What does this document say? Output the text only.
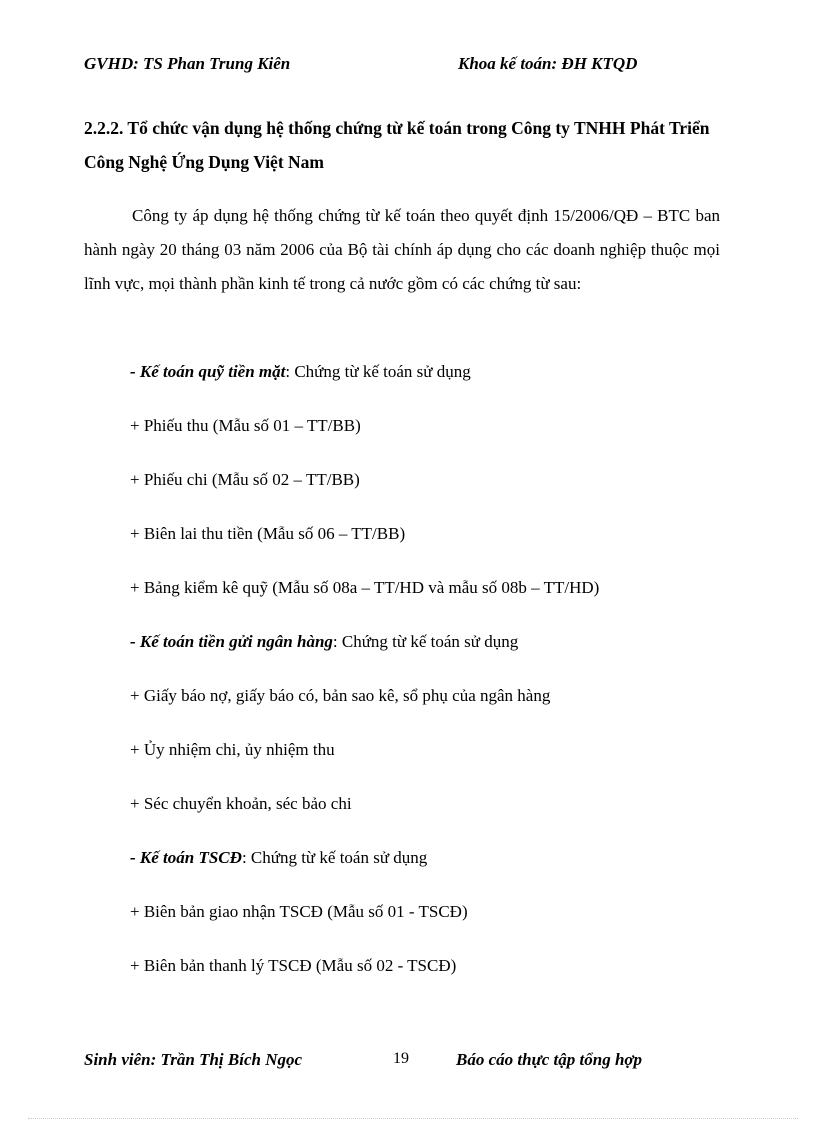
GVHD: TS Phan Trung Kiên	Khoa kế toán: ĐH KTQD
2.2.2. Tổ chức vận dụng hệ thống chứng từ kế toán trong Công ty TNHH Phát Triển Công Nghệ Ứng Dụng Việt Nam
Công ty áp dụng hệ thống chứng từ kế toán theo quyết định 15/2006/QĐ – BTC ban hành ngày 20 tháng 03 năm 2006 của Bộ tài chính áp dụng cho các doanh nghiệp thuộc mọi lĩnh vực, mọi thành phần kinh tế trong cả nước gồm có các chứng từ sau:
- Kế toán quỹ tiền mặt: Chứng từ kế toán sử dụng
+ Phiếu thu (Mẫu số 01 – TT/BB)
+ Phiếu chi (Mẫu số 02 – TT/BB)
+ Biên lai thu tiền (Mẫu số 06 – TT/BB)
+ Bảng kiểm kê quỹ (Mẫu số 08a – TT/HD và mẫu số 08b – TT/HD)
- Kế toán tiền gửi ngân hàng: Chứng từ kế toán sử dụng
+ Giấy báo nợ, giấy báo có, bản sao kê, sổ phụ của ngân hàng
+ Ủy nhiệm chi, ủy nhiệm thu
+ Séc chuyển khoản, séc bảo chi
- Kế toán TSCĐ: Chứng từ kế toán sử dụng
+ Biên bản giao nhận TSCĐ (Mẫu số 01 - TSCĐ)
+ Biên bản thanh lý TSCĐ (Mẫu số 02 - TSCĐ)
Sinh viên: Trần Thị Bích Ngọc	19	Báo cáo thực tập tổng hợp
